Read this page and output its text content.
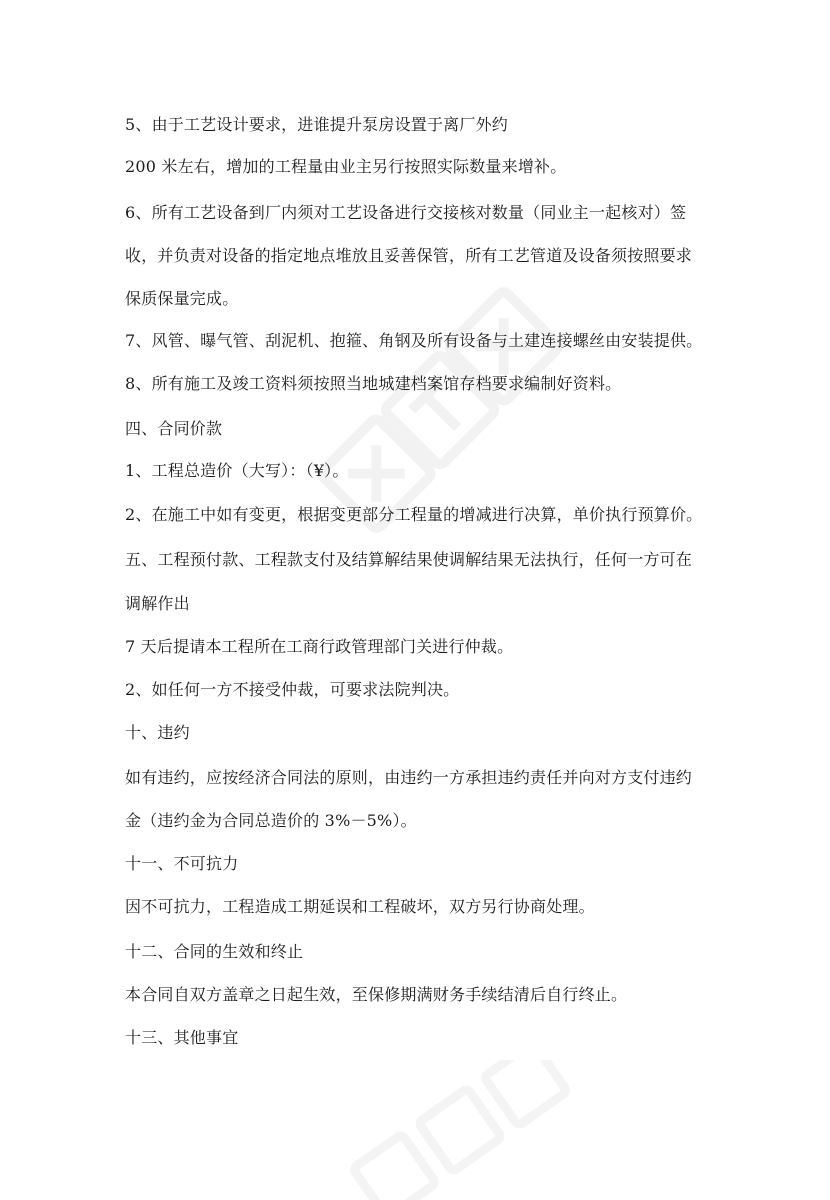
5、由于工艺设计要求，进谁提升泵房设置于离厂外约
200 米左右，增加的工程量由业主另行按照实际数量来增补。
6、所有工艺设备到厂内须对工艺设备进行交接核对数量（同业主一起核对）签
收，并负责对设备的指定地点堆放且妥善保管，所有工艺管道及设备须按照要求
保质保量完成。
7、风管、曝气管、刮泥机、抱箍、角钢及所有设备与土建连接螺丝由安装提供。
8、所有施工及竣工资料须按照当地城建档案馆存档要求编制好资料。
四、合同价款
1、工程总造价（大写）：（¥）。
2、在施工中如有变更，根据变更部分工程量的增减进行决算，单价执行预算价。
五、工程预付款、工程款支付及结算解结果使调解结果无法执行，任何一方可在
调解作出
7 天后提请本工程所在工商行政管理部门关进行仲裁。
2、如任何一方不接受仲裁，可要求法院判决。
十、违约
如有违约，应按经济合同法的原则，由违约一方承担违约责任并向对方支付违约
金（违约金为合同总造价的 3%－5%）。
十一、不可抗力
因不可抗力，工程造成工期延误和工程破坏，双方另行协商处理。
十二、合同的生效和终止
本合同自双方盖章之日起生效，至保修期满财务手续结清后自行终止。
十三、其他事宜
